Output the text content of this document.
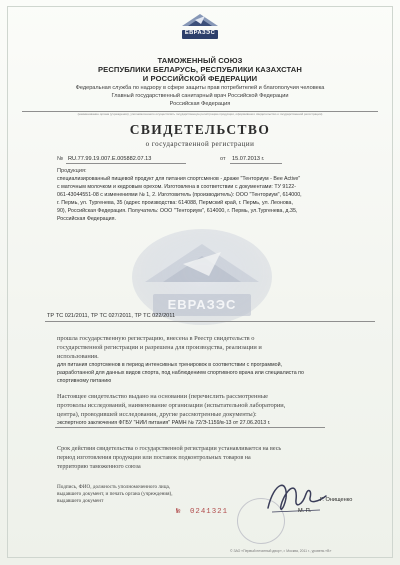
ЕВРАЗЭС
ТАМОЖЕННЫЙ СОЮЗ
РЕСПУБЛИКИ БЕЛАРУСЬ, РЕСПУБЛИКИ КАЗАХСТАН
И РОССИЙСКОЙ ФЕДЕРАЦИИ
Федеральная служба по надзору в сфере защиты прав потребителей и благополучия человека
Главный государственный санитарный врач Российской Федерации
Российская Федерация
(наименование органа (учреждения), уполномоченного осуществлять государственную регистрацию продукции, оформившего свидетельство о государственной регистрации)
СВИДЕТЕЛЬСТВО
о государственной регистрации
№ RU.77.99.19.007.Е.005882.07.13	от 15.07.2013 г.
Продукция:
специализированный пищевой продукт для питания спортсменов - драже "Тенториум - Bee Active"
с маточным молочком и кедровым орехом. Изготовлена в соответствии с документами: ТУ 9122-
061-43044551-08 с изменениями № 1, 2. Изготовитель (производитель): ООО "Тенториум", 614000,
г. Пермь, ул. Тургенева, 35 (адрес производства: 614088, Пермский край, г. Пермь, ул. Леонова,
90), Российская Федерация. Получатель: ООО "Тенториум", 614000, г. Пермь, ул.Тургенева, д.35,
Российская Федерация.
ЕВРАЗЭС
ТР ТС 021/2011, ТР ТС 027/2011, ТР ТС 022/2011
прошла государственную регистрацию, внесена в Реестр свидетельств о
государственной регистрации и разрешена для производства, реализации и
использования.
для питания спортсменов в период интенсивных тренировок в соответствии с программой,
разработанной для данных видов спорта, под наблюдением спортивного врача или специалиста по
спортивному питанию
Настоящее свидетельство выдано на основании (перечислить рассмотренные
протоколы исследований, наименование организации (испытательной лаборатории,
центра), проводившей исследования, другие рассмотренные документы):
экспертного заключения ФГБУ "НИИ питания" РАМН № 72/Э-1159/в-13 от 27.06.2013 г.
Срок действия свидетельства о государственной регистрации устанавливается на весь
период изготовления продукции или поставок подконтрольных товаров на
территорию таможенного союза
Подпись, ФИО, должность уполномоченного лица,
выдавшего документ, и печать органа (учреждения),
выдавшего документ	Г. Онищенко
№ 0241321	М. П.
© ЗАО «Первый печатный двор», г. Москва, 2011 г., уровень «В»
